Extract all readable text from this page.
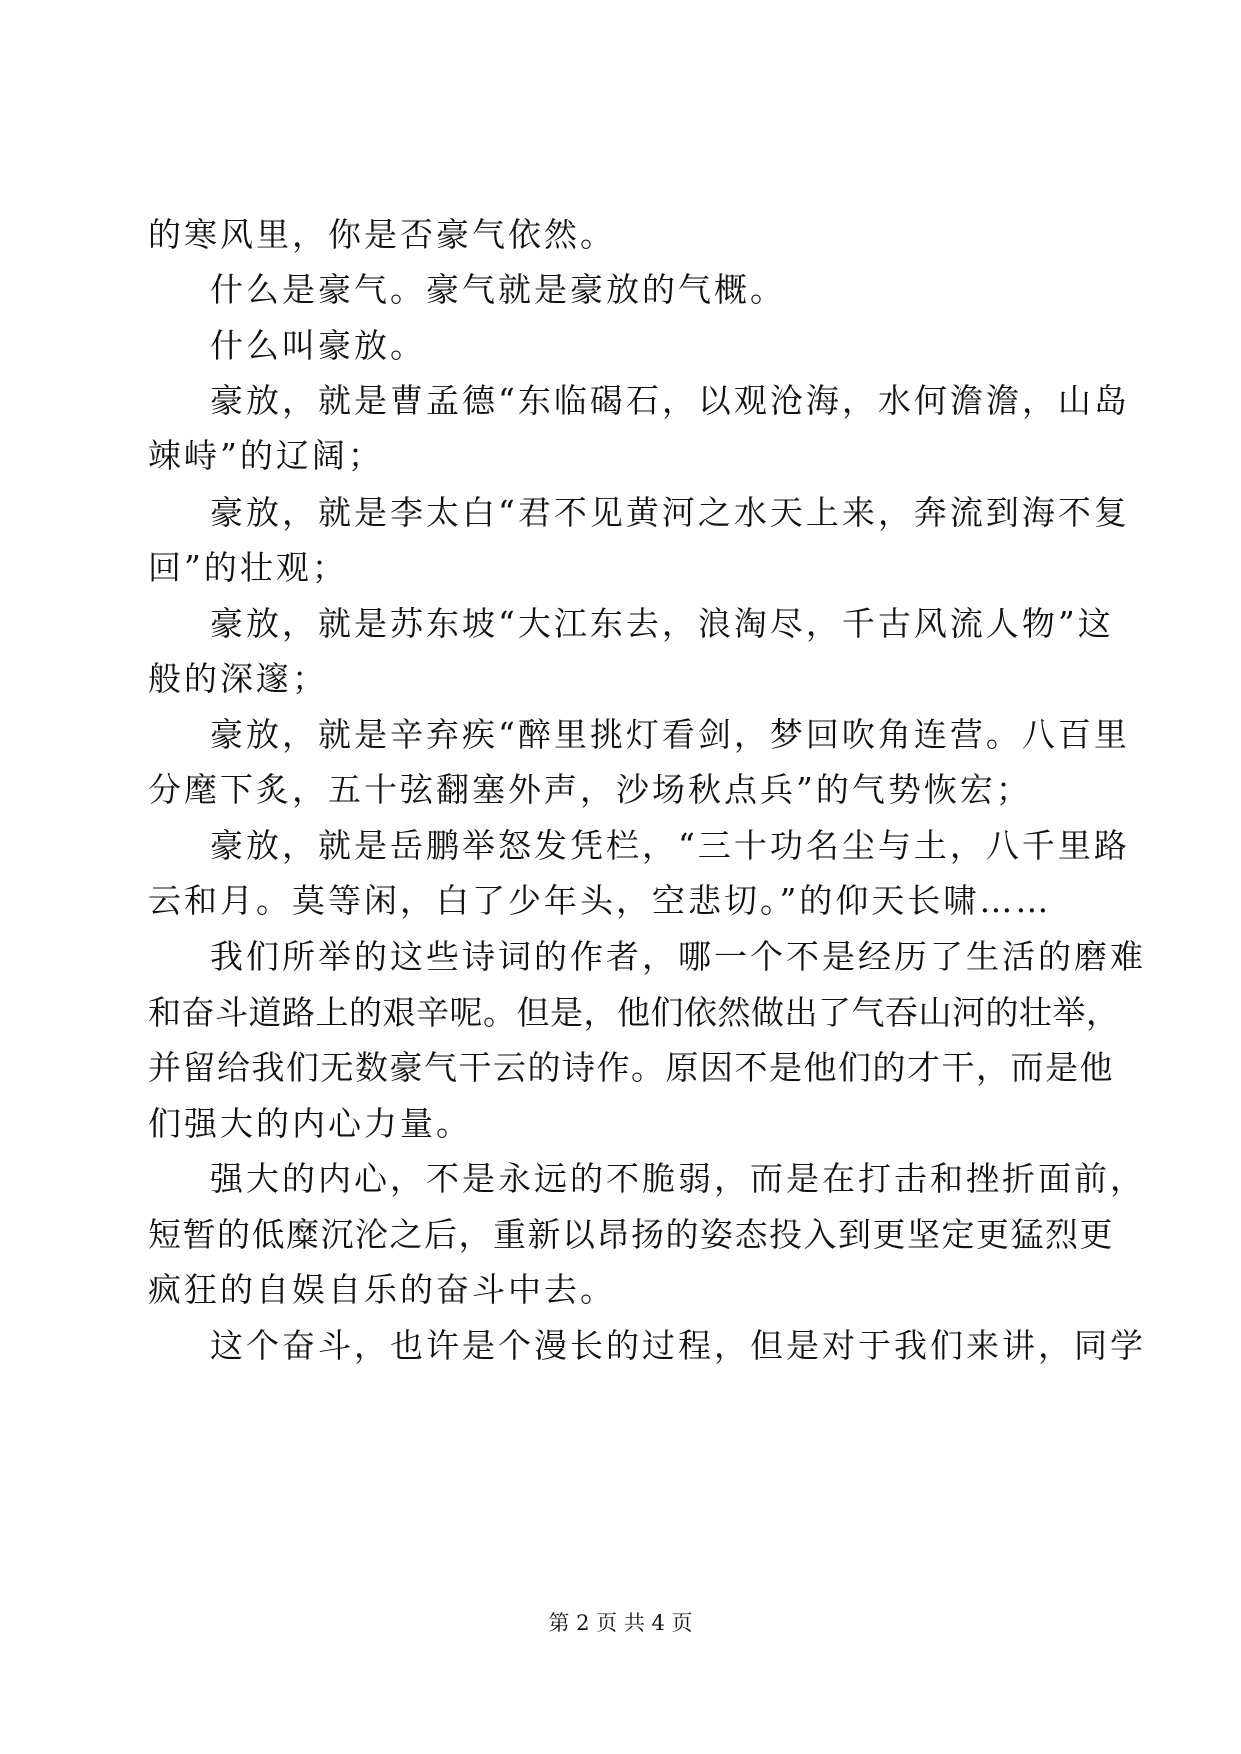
的寒风里，你是否豪气依然。
什么是豪气。豪气就是豪放的气概。
什么叫豪放。
豪放，就是曹孟德“东临碣石，以观沧海，水何澹澹，山岛
竦峙”的辽阔；
豪放，就是李太白“君不见黄河之水天上来，奔流到海不复
回”的壮观；
豪放，就是苏东坡“大江东去，浪淘尽，千古风流人物”这
般的深邃；
豪放，就是辛弃疾“醉里挑灯看剑，梦回吹角连营。八百里
分麾下炙，五十弦翻塞外声，沙场秋点兵”的气势恢宏；
豪放，就是岳鹏举怒发凭栏，“三十功名尘与土，八千里路
云和月。莫等闲，白了少年头，空悲切。”的仰天长啸……
我们所举的这些诗词的作者，哪一个不是经历了生活的磨难
和奋斗道路上的艰辛呢。但是，他们依然做出了气吞山河的壮举，
并留给我们无数豪气干云的诗作。原因不是他们的才干，而是他
们强大的内心力量。
强大的内心，不是永远的不脆弱，而是在打击和挫折面前，
短暂的低糜沉沦之后，重新以昂扬的姿态投入到更坚定更猛烈更
疯狂的自娱自乐的奋斗中去。
这个奋斗，也许是个漫长的过程，但是对于我们来讲，同学
第 2 页 共 4 页
